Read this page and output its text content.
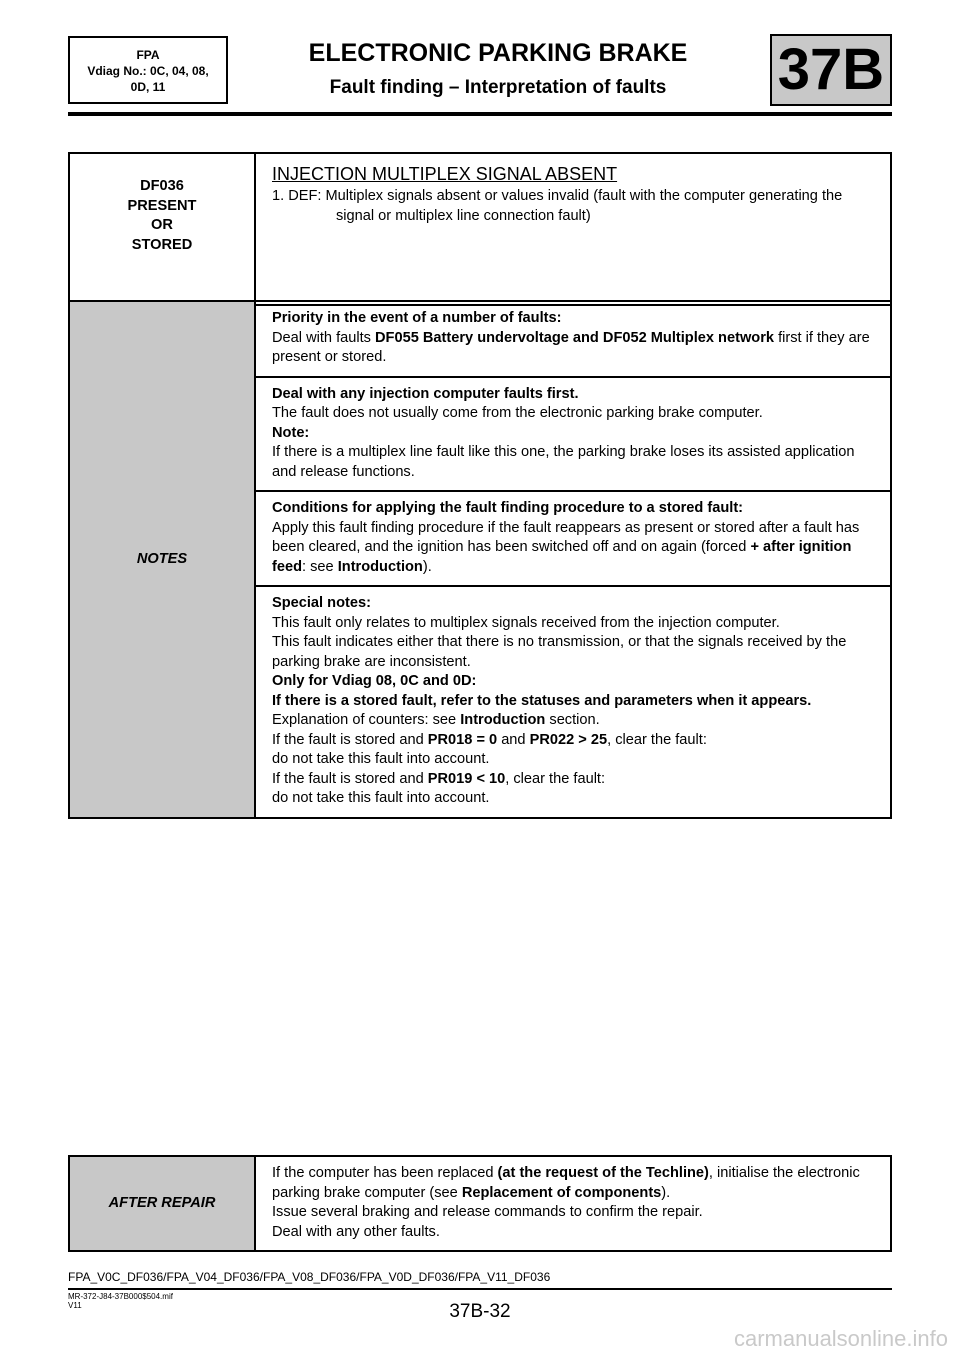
FPA
Vdiag No.: 0C, 04, 08,
0D, 11
ELECTRONIC PARKING BRAKE
Fault finding – Interpretation of faults	37B
DF036
PRESENT
OR
STORED

INJECTION MULTIPLEX SIGNAL ABSENT
1. DEF: Multiplex signals absent or values invalid (fault with the computer generating the signal or multiplex line connection fault)
NOTES	
Priority in the event of a number of faults:
Deal with faults DF055 Battery undervoltage and DF052 Multiplex network first if they are present or stored.

Deal with any injection computer faults first.
The fault does not usually come from the electronic parking brake computer.
Note:
If there is a multiplex line fault like this one, the parking brake loses its assisted application and release functions.

Conditions for applying the fault finding procedure to a stored fault:
Apply this fault finding procedure if the fault reappears as present or stored after a fault has been cleared, and the ignition has been switched off and on again (forced + after ignition feed: see Introduction).

Special notes:
This fault only relates to multiplex signals received from the injection computer.
This fault indicates either that there is no transmission, or that the signals received by the parking brake are inconsistent.
Only for Vdiag 08, 0C and 0D:
If there is a stored fault, refer to the statuses and parameters when it appears.
Explanation of counters: see Introduction section.
If the fault is stored and PR018 = 0 and PR022 > 25, clear the fault:
do not take this fault into account.
If the fault is stored and PR019 < 10, clear the fault:
do not take this fault into account.
AFTER REPAIR	
If the computer has been replaced (at the request of the Techline), initialise the electronic parking brake computer (see Replacement of components).
Issue several braking and release commands to confirm the repair.
Deal with any other faults.
FPA_V0C_DF036/FPA_V04_DF036/FPA_V08_DF036/FPA_V0D_DF036/FPA_V11_DF036
MR-372-J84-37B000$504.mif
V11	37B-32
carmanualsonline.info
